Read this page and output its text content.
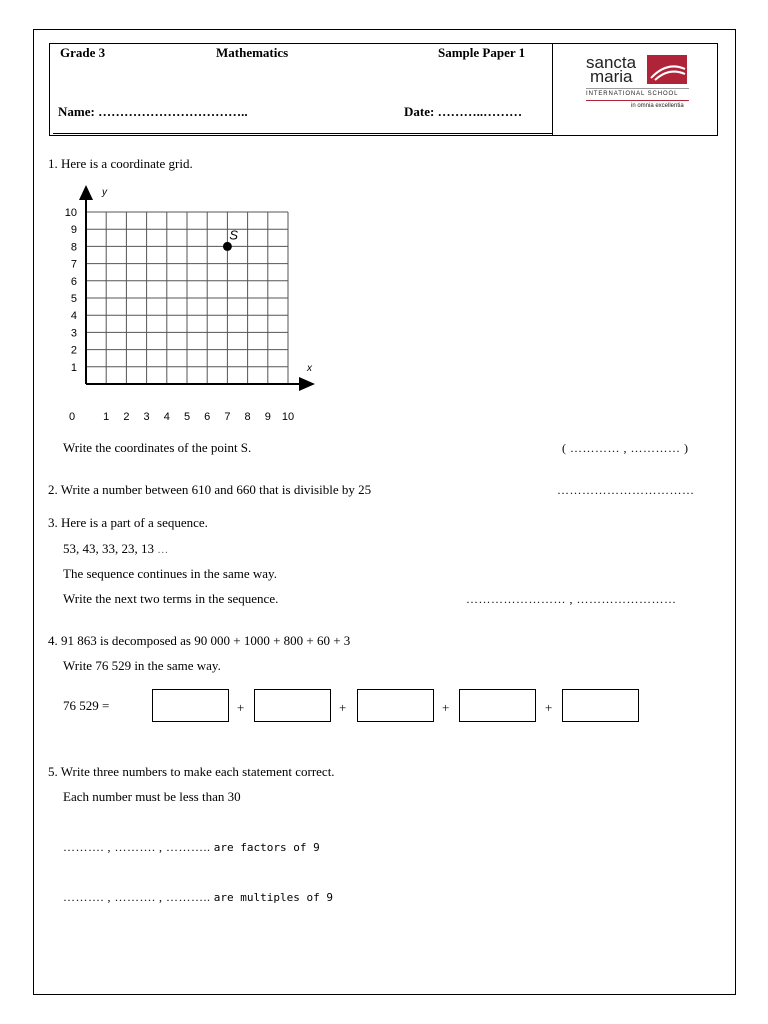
Grade 3	Mathematics	Sample Paper 1
Name: ……………………………..	Date: ………..………
sancta
maria
INTERNATIONAL SCHOOL
in omnia excellentia
1. Here is a coordinate grid.
y
x
0	1 2 3 4 5 6 7 8 9 10
1
2
3
4
5
6
7
8
9
10
S
Write the coordinates of the point S.	( ………… , ………… )
2. Write a number between 610 and 660 that is divisible by 25	……………………………
3. Here is a part of a sequence.
53, 43, 33, 23, 13 …
The sequence continues in the same way.
Write the next two terms in the sequence.	…………………… , ……………………
4. 91 863 is decomposed as 90 000 + 1000 + 800 + 60 + 3
Write 76 529 in the same way.
76 529 =	+	+	+	+
5. Write three numbers to make each statement correct.
Each number must be less than 30
………. , ………. , ……….. are factors of 9
………. , ………. , ……….. are multiples of 9
